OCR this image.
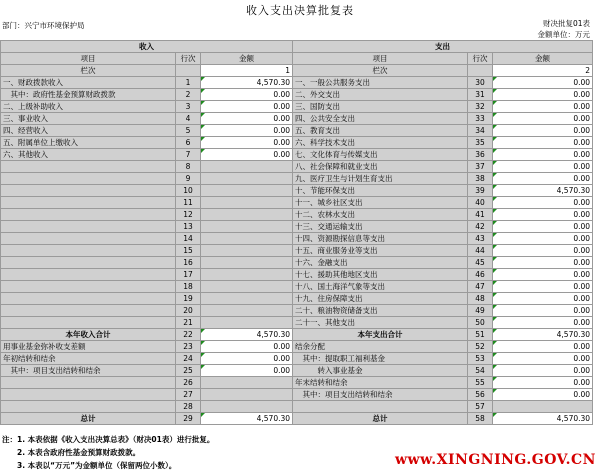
收入支出决算批复表
财决批复01表
金额单位：万元
部门：兴宁市环境保护局
收入			支出		
项目	行次	金额	项目	行次	金额
栏次		1	栏次		2
一、财政拨款收入	1	4,570.30	一、一般公共服务支出	30	0.00
　其中：政府性基金预算财政拨款	2	0.00	二、外交支出	31	0.00
二、上级补助收入	3	0.00	三、国防支出	32	0.00
三、事业收入	4	0.00	四、公共安全支出	33	0.00
四、经营收入	5	0.00	五、教育支出	34	0.00
五、附属单位上缴收入	6	0.00	六、科学技术支出	35	0.00
六、其他收入	7	0.00	七、文化体育与传媒支出	36	0.00
	8		八、社会保障和就业支出	37	0.00
	9		九、医疗卫生与计划生育支出	38	0.00
	10		十、节能环保支出	39	4,570.30
	11		十一、城乡社区支出	40	0.00
	12		十二、农林水支出	41	0.00
	13		十三、交通运输支出	42	0.00
	14		十四、资源勘探信息等支出	43	0.00
	15		十五、商业服务业等支出	44	0.00
	16		十六、金融支出	45	0.00
	17		十七、援助其他地区支出	46	0.00
	18		十八、国土海洋气象等支出	47	0.00
	19		十九、住房保障支出	48	0.00
	20		二十、粮油物资储备支出	49	0.00
	21		二十一、其他支出	50	0.00
本年收入合计	22	4,570.30	本年支出合计	51	4,570.30
用事业基金弥补收支差额	23	0.00	结余分配	52	0.00
年初结转和结余	24	0.00	　其中：提取职工福利基金	53	0.00
　其中：项目支出结转和结余	25	0.00	　　　转入事业基金	54	0.00
	26		年末结转和结余	55	0.00
	27		　其中：项目支出结转和结余	56	0.00
	28			57	
总计	29	4,570.30	总计	58	4,570.30
注：1. 本表依据《收入支出决算总表》（财决01表）进行批复。
　　2. 本表含政府性基金预算财政拨款。
　　3. 本表以“万元”为金额单位（保留两位小数）。	www.XINGNING.GOV.CN
